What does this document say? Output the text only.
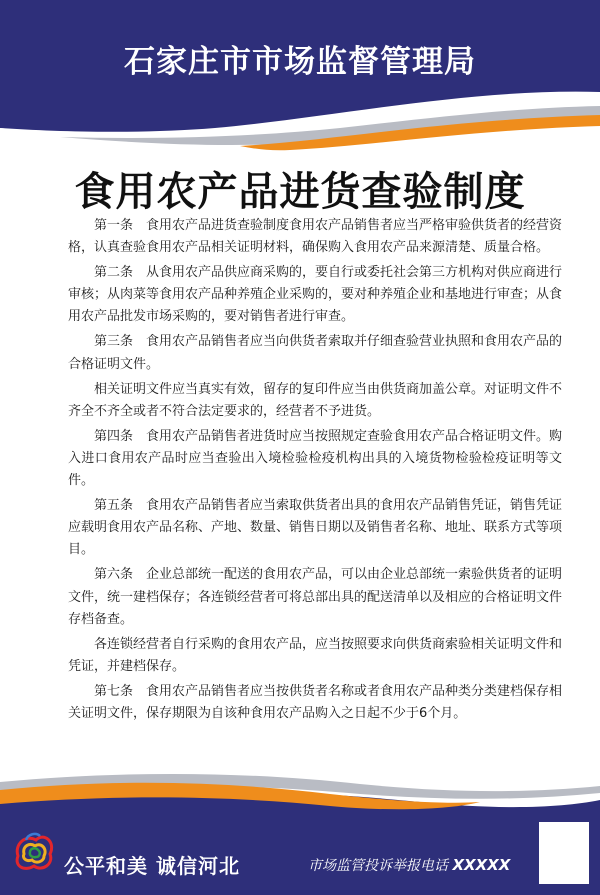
石家庄市市场监督管理局
食用农产品进货查验制度

第一条　食用农产品进货查验制度食用农产品销售者应当严格审验供货者的经营资格，认真查验食用农产品相关证明材料，确保购入食用农产品来源清楚、质量合格。

第二条　从食用农产品供应商采购的，要自行或委托社会第三方机构对供应商进行审核；从肉菜等食用农产品种养殖企业采购的，要对种养殖企业和基地进行审查；从食用农产品批发市场采购的，要对销售者进行审查。

第三条　食用农产品销售者应当向供货者索取并仔细查验营业执照和食用农产品的合格证明文件。

相关证明文件应当真实有效，留存的复印件应当由供货商加盖公章。对证明文件不齐全不齐全或者不符合法定要求的，经营者不予进货。

第四条　食用农产品销售者进货时应当按照规定查验食用农产品合格证明文件。购入进口食用农产品时应当查验出入境检验检疫机构出具的入境货物检验检疫证明等文件。

第五条　食用农产品销售者应当索取供货者出具的食用农产品销售凭证，销售凭证应载明食用农产品名称、产地、数量、销售日期以及销售者名称、地址、联系方式等项目。

第六条　企业总部统一配送的食用农产品，可以由企业总部统一索验供货者的证明文件，统一建档保存；各连锁经营者可将总部出具的配送清单以及相应的合格证明文件存档备查。

各连锁经营者自行采购的食用农产品，应当按照要求向供货商索验相关证明文件和凭证，并建档保存。

第七条　食用农产品销售者应当按供货者名称或者食用农产品种类分类建档保存相关证明文件，保存期限为自该种食用农产品购入之日起不少于6个月。

公平和美 诚信河北	市场监管投诉举报电话 XXXXX
